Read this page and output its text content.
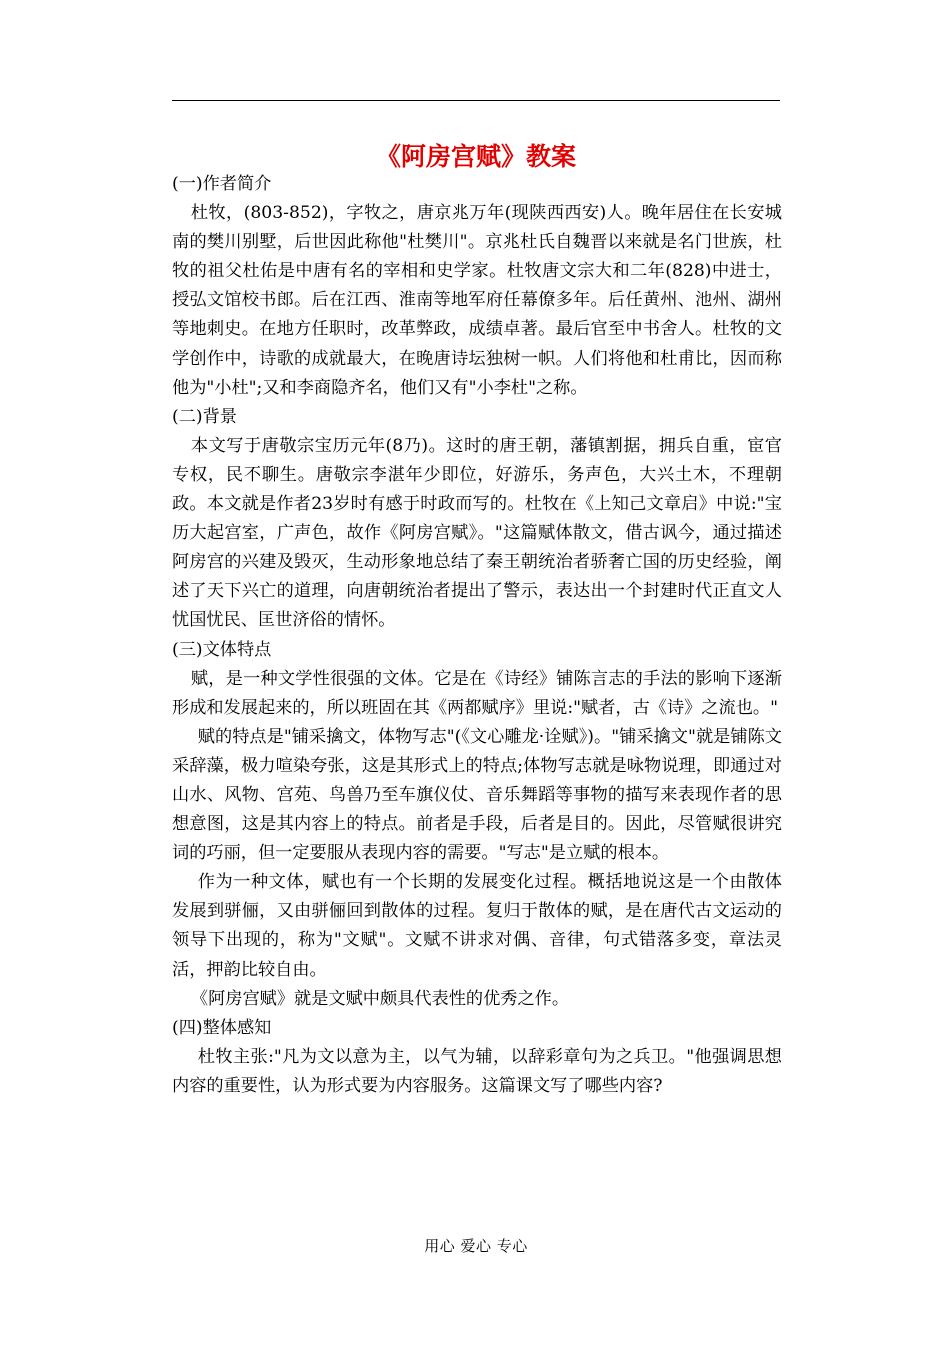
《阿房宫赋》教案
(一)作者简介

杜牧，(803-852)，字牧之，唐京兆万年(现陕西西安)人。晚年居住在长安城南的樊川别墅，后世因此称他"杜樊川"。京兆杜氏自魏晋以来就是名门世族，杜牧的祖父杜佑是中唐有名的宰相和史学家。杜牧唐文宗大和二年(828)中进士，授弘文馆校书郎。后在江西、淮南等地军府任幕僚多年。后任黄州、池州、湖州等地刺史。在地方任职时，改革弊政，成绩卓著。最后官至中书舍人。杜牧的文学创作中，诗歌的成就最大，在晚唐诗坛独树一帜。人们将他和杜甫比，因而称他为"小杜";又和李商隐齐名，他们又有"小李杜"之称。

(二)背景

本文写于唐敬宗宝历元年(8乃)。这时的唐王朝，藩镇割据，拥兵自重，宦官专权，民不聊生。唐敬宗李湛年少即位，好游乐，务声色，大兴土木，不理朝政。本文就是作者23岁时有感于时政而写的。杜牧在《上知己文章启》中说:"宝历大起宫室，广声色，故作《阿房宫赋》。"这篇赋体散文，借古讽今，通过描述阿房宫的兴建及毁灭，生动形象地总结了秦王朝统治者骄奢亡国的历史经验，阐述了天下兴亡的道理，向唐朝统治者提出了警示，表达出一个封建时代正直文人忧国忧民、匡世济俗的情怀。

(三)文体特点

赋，是一种文学性很强的文体。它是在《诗经》铺陈言志的手法的影响下逐渐形成和发展起来的，所以班固在其《两都赋序》里说:"赋者，古《诗》之流也。"

赋的特点是"铺采擒文，体物写志"(《文心雕龙·诠赋》)。"铺采擒文"就是铺陈文采辞藻，极力喧染夸张，这是其形式上的特点;体物写志就是咏物说理，即通过对山水、风物、宫苑、鸟兽乃至车旗仪仗、音乐舞蹈等事物的描写来表现作者的思想意图，这是其内容上的特点。前者是手段，后者是目的。因此，尽管赋很讲究词的巧丽，但一定要服从表现内容的需要。"写志"是立赋的根本。

作为一种文体，赋也有一个长期的发展变化过程。概括地说这是一个由散体发展到骈俪，又由骈俪回到散体的过程。复归于散体的赋，是在唐代古文运动的领导下出现的，称为"文赋"。文赋不讲求对偶、音律，句式错落多变，章法灵活，押韵比较自由。

《阿房宫赋》就是文赋中颇具代表性的优秀之作。

(四)整体感知

杜牧主张:"凡为文以意为主，以气为辅，以辞彩章句为之兵卫。"他强调思想内容的重要性，认为形式要为内容服务。这篇课文写了哪些内容?

用心 爱心 专心
